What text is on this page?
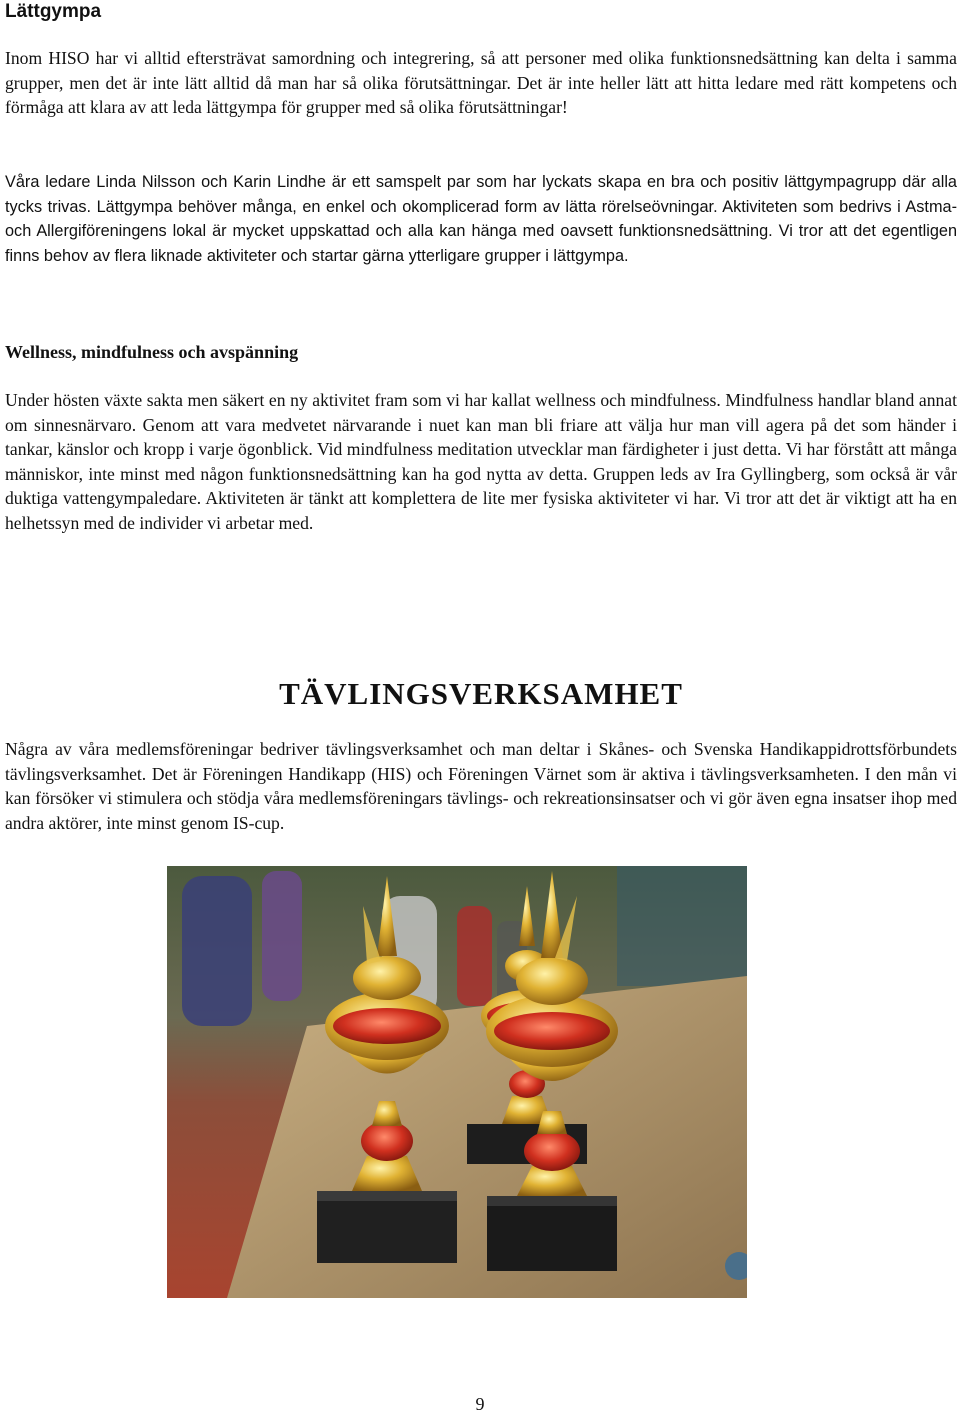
Lättgympa

Inom HISO har vi alltid eftersträvat samordning och integrering, så att personer med olika funktionsnedsättning kan delta i samma grupper, men det är inte lätt alltid då man har så olika förutsättningar. Det är inte heller lätt att hitta ledare med rätt kompetens och förmåga att klara av att leda lättgympa för grupper med så olika förutsättningar!

Våra ledare Linda Nilsson och Karin Lindhe är ett samspelt par som har lyckats skapa en bra och positiv lättgympagrupp där alla tycks trivas. Lättgympa behöver många, en enkel och okomplicerad form av lätta rörelseövningar. Aktiviteten som bedrivs i Astma- och Allergiföreningens lokal är mycket uppskattad och alla kan hänga med oavsett funktionsnedsättning. Vi tror att det egentligen finns behov av flera liknade aktiviteter och startar gärna ytterligare grupper i lättgympa.

Wellness, mindfulness och avspänning

Under hösten växte sakta men säkert en ny aktivitet fram som vi har kallat wellness och mindfulness. Mindfulness handlar bland annat om sinnesnärvaro. Genom att vara medvetet närvarande i nuet kan man bli friare att välja hur man vill agera på det som händer i tankar, känslor och kropp i varje ögonblick. Vid mindfulness meditation utvecklar man färdigheter i just detta. Vi har förstått att många människor, inte minst med någon funktionsnedsättning kan ha god nytta av detta. Gruppen leds av Ira Gyllingberg, som också är vår duktiga vattengympaledare. Aktiviteten är tänkt att komplettera de lite mer fysiska aktiviteter vi har. Vi tror att det är viktigt att ha en helhetssyn med de individer vi arbetar med.

TÄVLINGSVERKSAMHET

Några av våra medlemsföreningar bedriver tävlingsverksamhet och man deltar i Skånes- och Svenska Handikappidrottsförbundets tävlingsverksamhet. Det är Föreningen Handikapp (HIS) och Föreningen Värnet som är aktiva i tävlingsverksamheten. I den mån vi kan försöker vi stimulera och stödja våra medlemsföreningars tävlings- och rekreationsinsatser och vi gör även egna insatser ihop med andra aktörer, inte minst genom IS-cup.

9
